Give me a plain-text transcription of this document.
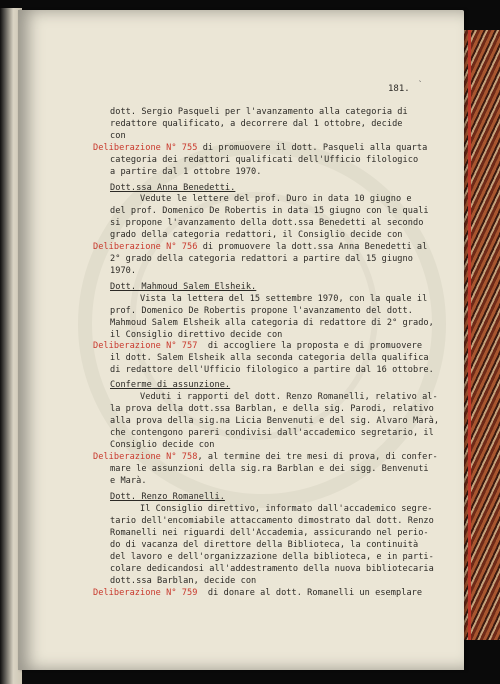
181. `
dott. Sergio Pasqueli per l'avanzamento alla categoria di
redattore qualificato, a decorrere dal 1 ottobre, decide
con
Deliberazione N° 755 di promuovere il dott. Pasqueli alla quarta
categoria dei redattori qualificati dell'Ufficio filologico
a partire dal 1 ottobre 1970.
Dott.ssa Anna Benedetti.
Vedute le lettere del prof. Duro in data 10 giugno e
del prof. Domenico De Robertis in data 15 giugno con le quali
si propone l'avanzamento della dott.ssa Benedetti al secondo
grado della categoria redattori, il Consiglio decide con
Deliberazione N° 756 di promuovere la dott.ssa Anna Benedetti al
2° grado della categoria redattori a partire dal 15 giugno
1970.
Dott. Mahmoud Salem Elsheik.
Vista la lettera del 15 settembre 1970, con la quale il
prof. Domenico De Robertis propone l'avanzamento del dott.
Mahmoud Salem Elsheik alla categoria di redattore di 2° grado,
il Consiglio direttivo decide con
Deliberazione N° 757  di accogliere la proposta e di promuovere
il dott. Salem Elsheik alla seconda categoria della qualifica
di redattore dell'Ufficio filologico a partire dal 16 ottobre.
Conferme di assunzione.
Veduti i rapporti del dott. Renzo Romanelli, relativo al-
la prova della dott.ssa Barblan, e della sig. Parodi, relativo
alla prova della sig.na Licia Benvenuti e del sig. Alvaro Marà,
che contengono pareri condivisi dall'accademico segretario, il
Consiglio decide con
Deliberazione N° 758, al termine dei tre mesi di prova, di confer-
mare le assunzioni della sig.ra Barblan e dei sigg. Benvenuti
e Marà.
Dott. Renzo Romanelli.
Il Consiglio direttivo, informato dall'accademico segre-
tario dell'encomiabile attaccamento dimostrato dal dott. Renzo
Romanelli nei riguardi dell'Accademia, assicurando nel perio-
do di vacanza del direttore della Biblioteca, la continuità
del lavoro e dell'organizzazione della biblioteca, e in parti-
colare dedicandosi all'addestramento della nuova bibliotecaria
dott.ssa Barblan, decide con
Deliberazione N° 759  di donare al dott. Romanelli un esemplare
